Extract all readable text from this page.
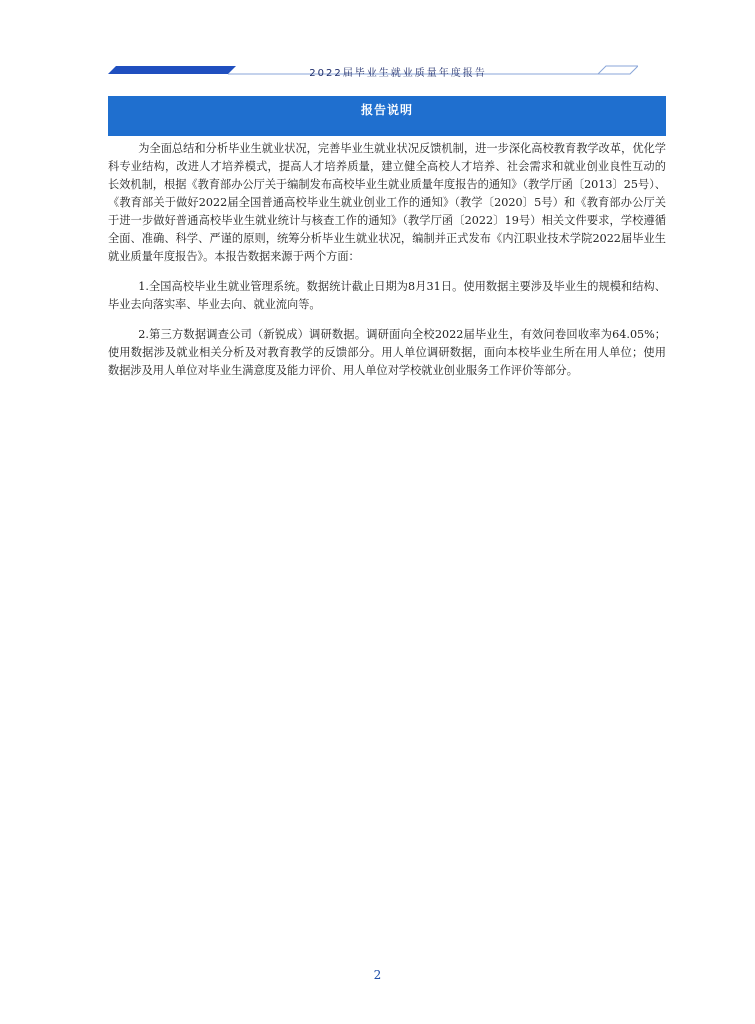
2022届毕业生就业质量年度报告
报告说明

为全面总结和分析毕业生就业状况，完善毕业生就业状况反馈机制，进一步深化高校教育教学改革，优化学科专业结构，改进人才培养模式，提高人才培养质量，建立健全高校人才培养、社会需求和就业创业良性互动的长效机制，根据《教育部办公厅关于编制发布高校毕业生就业质量年度报告的通知》（教学厅函〔2013〕25号）、《教育部关于做好2022届全国普通高校毕业生就业创业工作的通知》（教学〔2020〕5号）和《教育部办公厅关于进一步做好普通高校毕业生就业统计与核查工作的通知》（教学厅函〔2022〕19号）相关文件要求，学校遵循全面、准确、科学、严谨的原则，统筹分析毕业生就业状况，编制并正式发布《内江职业技术学院2022届毕业生就业质量年度报告》。本报告数据来源于两个方面：

1.全国高校毕业生就业管理系统。数据统计截止日期为8月31日。使用数据主要涉及毕业生的规模和结构、毕业去向落实率、毕业去向、就业流向等。

2.第三方数据调查公司（新锐成）调研数据。调研面向全校2022届毕业生，有效问卷回收率为64.05%；使用数据涉及就业相关分析及对教育教学的反馈部分。用人单位调研数据，面向本校毕业生所在用人单位；使用数据涉及用人单位对毕业生满意度及能力评价、用人单位对学校就业创业服务工作评价等部分。

2
